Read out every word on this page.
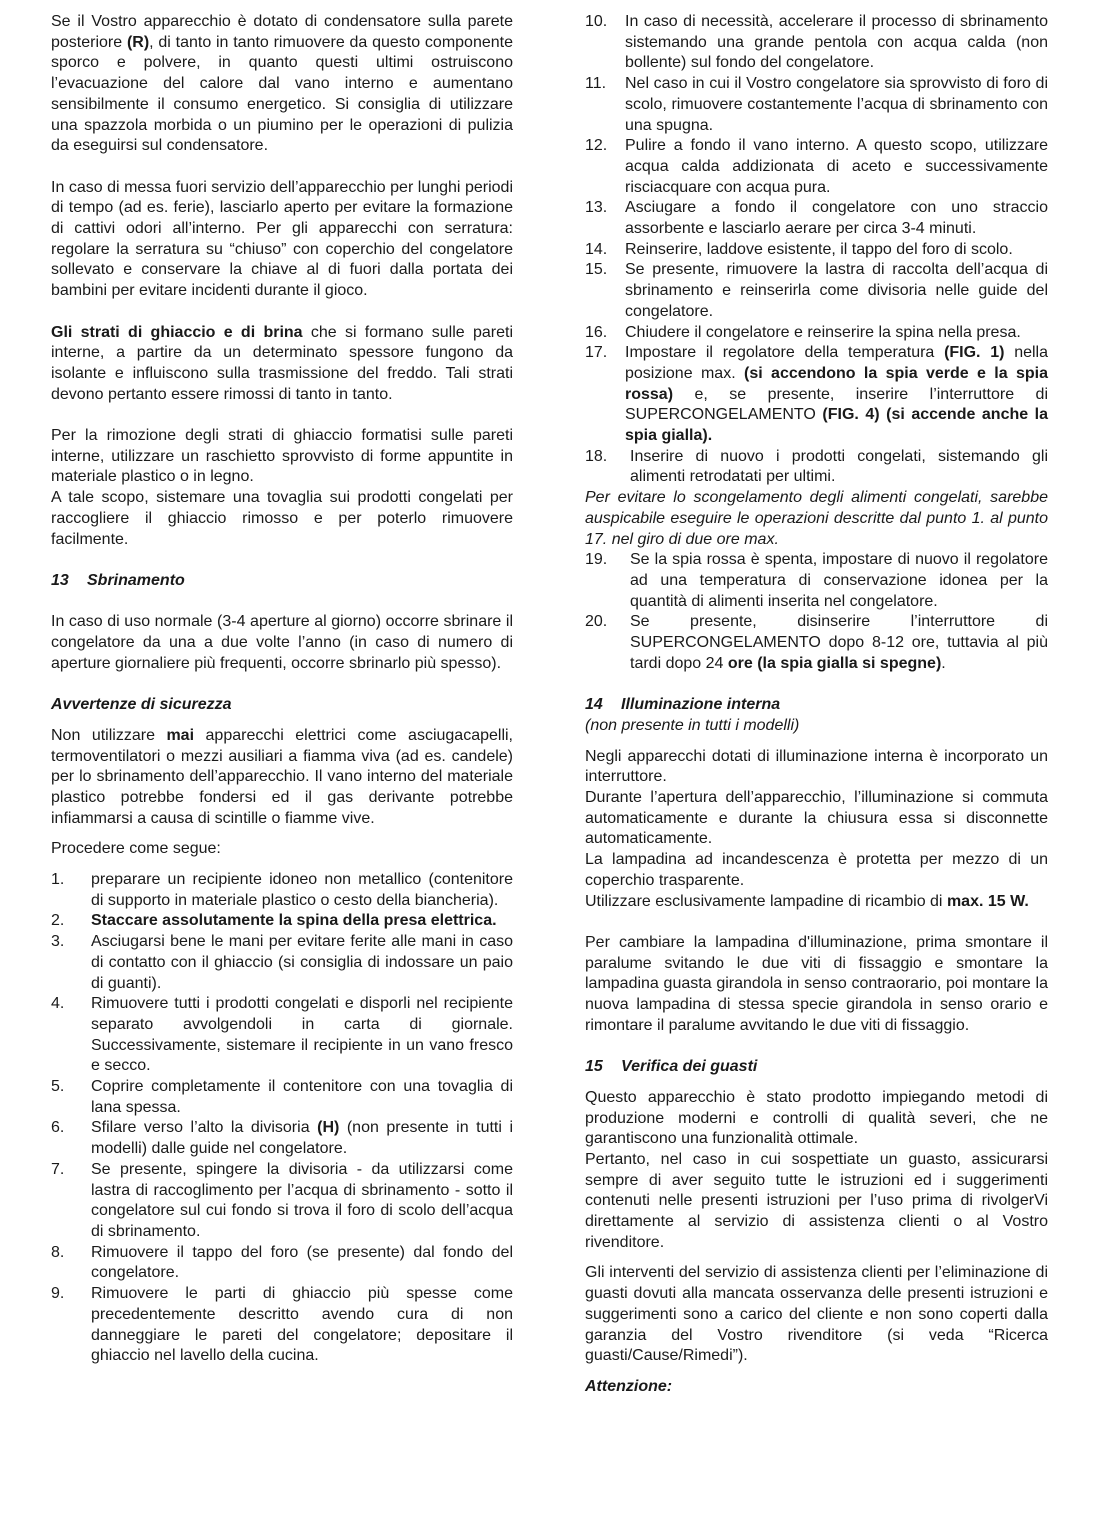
Se il Vostro apparecchio è dotato di condensatore sulla parete posteriore (R), di tanto in tanto rimuovere da questo componente sporco e polvere, in quanto questi ultimi ostruiscono l’evacuazione del calore dal vano interno e aumentano sensibilmente il consumo energetico. Si consiglia di utilizzare una spazzola morbida o un piumino per le operazioni di pulizia da eseguirsi sul condensatore.

In caso di messa fuori servizio dell’apparecchio per lunghi periodi di tempo (ad es. ferie), lasciarlo aperto per evitare la formazione di cattivi odori all’interno. Per gli apparecchi con serratura: regolare la serratura su “chiuso” con coperchio del congelatore sollevato e conservare la chiave al di fuori dalla portata dei bambini per evitare incidenti durante il gioco.

Gli strati di ghiaccio e di brina che si formano sulle pareti interne, a partire da un determinato spessore fungono da isolante e influiscono sulla trasmissione del freddo. Tali strati devono pertanto essere rimossi di tanto in tanto.

Per la rimozione degli strati di ghiaccio formatisi sulle pareti interne, utilizzare un raschietto sprovvisto di forme appuntite in materiale plastico o in legno.

A tale scopo, sistemare una tovaglia sui prodotti congelati per raccogliere il ghiaccio rimosso e per poterlo rimuovere facilmente.

13 Sbrinamento

In caso di uso normale (3-4 aperture al giorno) occorre sbrinare il congelatore da una a due volte l’anno (in caso di numero di aperture giornaliere più frequenti, occorre sbrinarlo più spesso).

Avvertenze di sicurezza

Non utilizzare mai apparecchi elettrici come asciugacapelli, termoventilatori o mezzi ausiliari a fiamma viva (ad es. candele) per lo sbrinamento dell’apparecchio. Il vano interno del materiale plastico potrebbe fondersi ed il gas derivante potrebbe infiammarsi a causa di scintille o fiamme vive.

Procedere come segue:

1.	preparare un recipiente idoneo non metallico (contenitore di supporto in materiale plastico o cesto della biancheria).
2.	Staccare assolutamente la spina della presa elettrica.
3.	Asciugarsi bene le mani per evitare ferite alle mani in caso di contatto con il ghiaccio (si consiglia di indossare un paio di guanti).
4.	Rimuovere tutti i prodotti congelati e disporli nel recipiente separato avvolgendoli in carta di giornale. Successivamente, sistemare il recipiente in un vano fresco e secco.
5.	Coprire completamente il contenitore con una tovaglia di lana spessa.
6.	Sfilare verso l’alto la divisoria (H) (non presente in tutti i modelli) dalle guide nel congelatore.
7.	Se presente, spingere la divisoria - da utilizzarsi come lastra di raccoglimento per l’acqua di sbrinamento - sotto il congelatore sul cui fondo si trova il foro di scolo dell’acqua di sbrinamento.
8.	Rimuovere il tappo del foro (se presente) dal fondo del congelatore.
9.	Rimuovere le parti di ghiaccio più spesse come precedentemente descritto avendo cura di non danneggiare le pareti del congelatore; depositare il ghiaccio nel lavello della cucina.
10.	In caso di necessità, accelerare il processo di sbrinamento sistemando una grande pentola con acqua calda (non bollente) sul fondo del congelatore.
11.	Nel caso in cui il Vostro congelatore sia sprovvisto di foro di scolo, rimuovere costantemente l’acqua di sbrinamento con una spugna.
12.	Pulire a fondo il vano interno. A questo scopo, utilizzare acqua calda addizionata di aceto e successivamente risciacquare con acqua pura.
13.	Asciugare a fondo il congelatore con uno straccio assorbente e lasciarlo aerare per circa 3-4 minuti.
14.	Reinserire, laddove esistente, il tappo del foro di scolo.
15.	Se presente, rimuovere la lastra di raccolta dell’acqua di sbrinamento e reinserirla come divisoria nelle guide del congelatore.
16.	Chiudere il congelatore e reinserire la spina nella presa.
17.	Impostare il regolatore della temperatura (FIG. 1) nella posizione max. (si accendono la spia verde e la spia rossa) e, se presente, inserire l’interruttore di SUPERCONGELAMENTO (FIG. 4) (si accende anche la spia gialla).
18.	Inserire di nuovo i prodotti congelati, sistemando gli alimenti retrodatati per ultimi.

Per evitare lo scongelamento degli alimenti congelati, sarebbe auspicabile eseguire le operazioni descritte dal punto 1. al punto 17. nel giro di due ore max.

19.	Se la spia rossa è spenta, impostare di nuovo il regolatore ad una temperatura di conservazione idonea per la quantità di alimenti inserita nel congelatore.
20.	Se presente, disinserire l’interruttore di SUPERCONGELAMENTO dopo 8-12 ore, tuttavia al più tardi dopo 24 ore (la spia gialla si spegne).

14 Illuminazione interna

(non presente in tutti i modelli)

Negli apparecchi dotati di illuminazione interna è incorporato un interruttore.

Durante l’apertura dell’apparecchio, l’illuminazione si commuta automaticamente e durante la chiusura essa si disconnette automaticamente.

La lampadina ad incandescenza è protetta per mezzo di un coperchio trasparente.

Utilizzare esclusivamente lampadine di ricambio di max. 15 W.

Per cambiare la lampadina d'illuminazione, prima smontare il paralume svitando le due viti di fissaggio e smontare la lampadina guasta girandola in senso contraorario, poi montare la nuova lampadina di stessa specie girandola in senso orario e rimontare il paralume avvitando le due viti di fissaggio.

15 Verifica dei guasti

Questo apparecchio è stato prodotto impiegando metodi di produzione moderni e controlli di qualità severi, che ne garantiscono una funzionalità ottimale.

Pertanto, nel caso in cui sospettiate un guasto, assicurarsi sempre di aver seguito tutte le istruzioni ed i suggerimenti contenuti nelle presenti istruzioni per l’uso prima di rivolgerVi direttamente al servizio di assistenza clienti o al Vostro rivenditore.

Gli interventi del servizio di assistenza clienti per l’eliminazione di guasti dovuti alla mancata osservanza delle presenti istruzioni e suggerimenti sono a carico del cliente e non sono coperti dalla garanzia del Vostro rivenditore (si veda “Ricerca guasti/Cause/Rimedi”).

Attenzione:
